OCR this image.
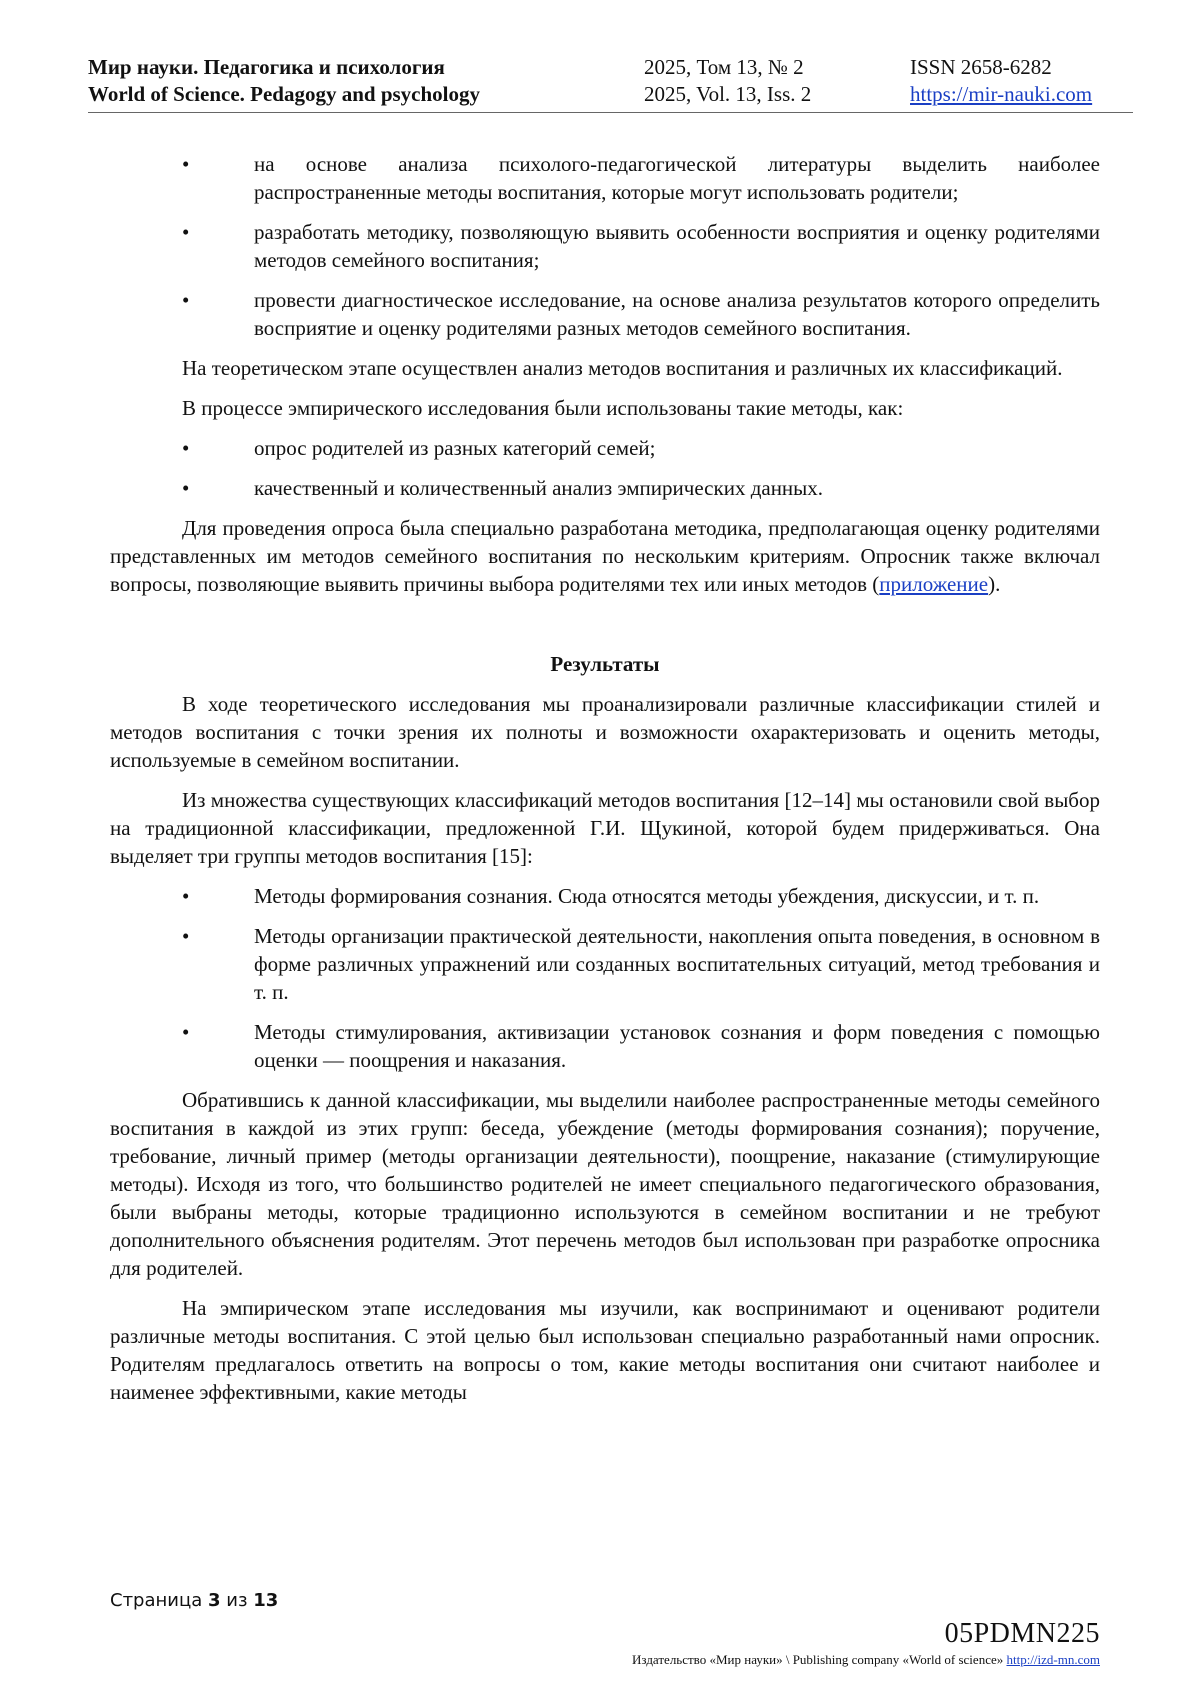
Мир науки. Педагогика и психология
World of Science. Pedagogy and psychology
2025, Том 13, № 2
2025, Vol. 13, Iss. 2
ISSN 2658-6282
https://mir-nauki.com
•
на основе анализа психолого-педагогической литературы выделить наиболее распространенные методы воспитания, которые могут использовать родители;
•
разработать методику, позволяющую выявить особенности восприятия и оценку родителями методов семейного воспитания;
•
провести диагностическое исследование, на основе анализа результатов которого определить восприятие и оценку родителями разных методов семейного воспитания.

На теоретическом этапе осуществлен анализ методов воспитания и различных их классификаций.

В процессе эмпирического исследования были использованы такие методы, как:

•
опрос родителей из разных категорий семей;
•
качественный и количественный анализ эмпирических данных.

Для проведения опроса была специально разработана методика, предполагающая оценку родителями представленных им методов семейного воспитания по нескольким критериям. Опросник также включал вопросы, позволяющие выявить причины выбора родителями тех или иных методов (приложение).

Результаты

В ходе теоретического исследования мы проанализировали различные классификации стилей и методов воспитания с точки зрения их полноты и возможности охарактеризовать и оценить методы, используемые в семейном воспитании.

Из множества существующих классификаций методов воспитания [12–14] мы остановили свой выбор на традиционной классификации, предложенной Г.И. Щукиной, которой будем придерживаться. Она выделяет три группы методов воспитания [15]:

•
Методы формирования сознания. Сюда относятся методы убеждения, дискуссии, и т. п.
•
Методы организации практической деятельности, накопления опыта поведения, в основном в форме различных упражнений или созданных воспитательных ситуаций, метод требования и т. п.
•
Методы стимулирования, активизации установок сознания и форм поведения с помощью оценки — поощрения и наказания.

Обратившись к данной классификации, мы выделили наиболее распространенные методы семейного воспитания в каждой из этих групп: беседа, убеждение (методы формирования сознания); поручение, требование, личный пример (методы организации деятельности), поощрение, наказание (стимулирующие методы). Исходя из того, что большинство родителей не имеет специального педагогического образования, были выбраны методы, которые традиционно используются в семейном воспитании и не требуют дополнительного объяснения родителям. Этот перечень методов был использован при разработке опросника для родителей.

На эмпирическом этапе исследования мы изучили, как воспринимают и оценивают родители различные методы воспитания. С этой целью был использован специально разработанный нами опросник. Родителям предлагалось ответить на вопросы о том, какие методы воспитания они считают наиболее и наименее эффективными, какие методы

Страница 3 из 13
05PDMN225
Издательство «Мир науки» \ Publishing company «World of science» http://izd-mn.com
